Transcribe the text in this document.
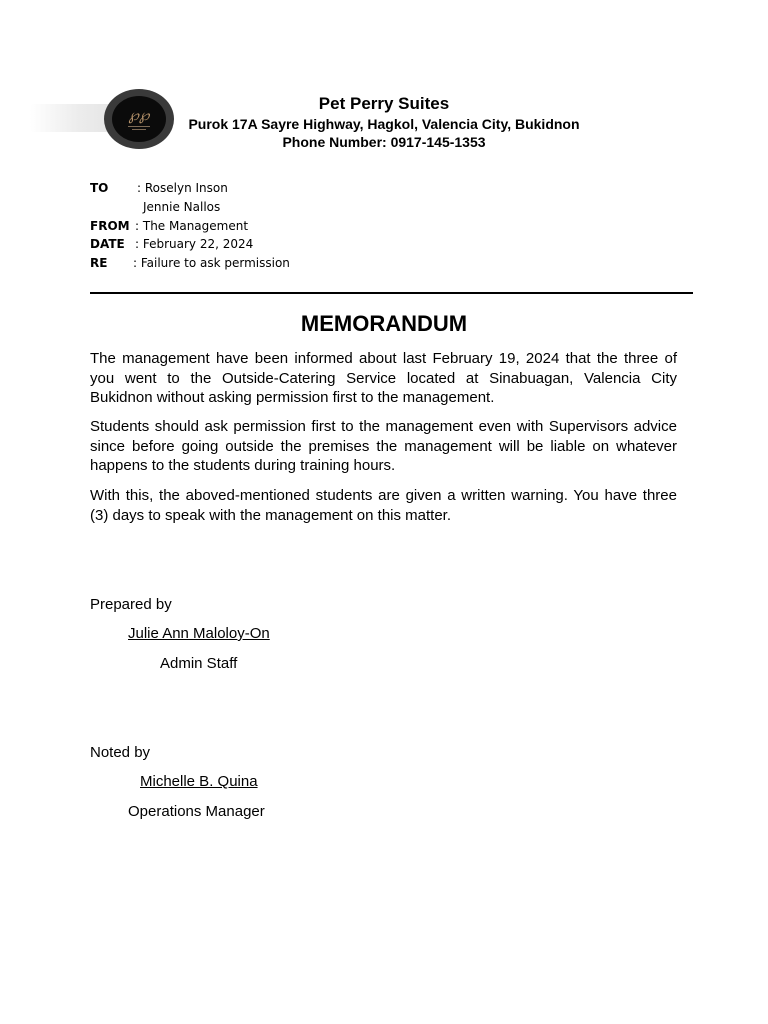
℘℘
Pet Perry Suites
Purok 17A Sayre Highway, Hagkol, Valencia City, Bukidnon
Phone Number: 0917-145-1353
TO : Roselyn Inson
Jennie Nallos
FROM : The Management
DATE : February 22, 2024
RE : Failure to ask permission
MEMORANDUM
The management have been informed about last February 19, 2024 that the three of you went to the Outside-Catering Service located at Sinabuagan, Valencia City Bukidnon without asking permission first to the management.
Students should ask permission first to the management even with Supervisors advice since before going outside the premises the management will be liable on whatever happens to the students during training hours.
With this, the aboved-mentioned students are given a written warning. You have three (3) days to speak with the management on this matter.
Prepared by
Julie Ann Maloloy-On
Admin Staff
Noted by
Michelle B. Quina
Operations Manager
